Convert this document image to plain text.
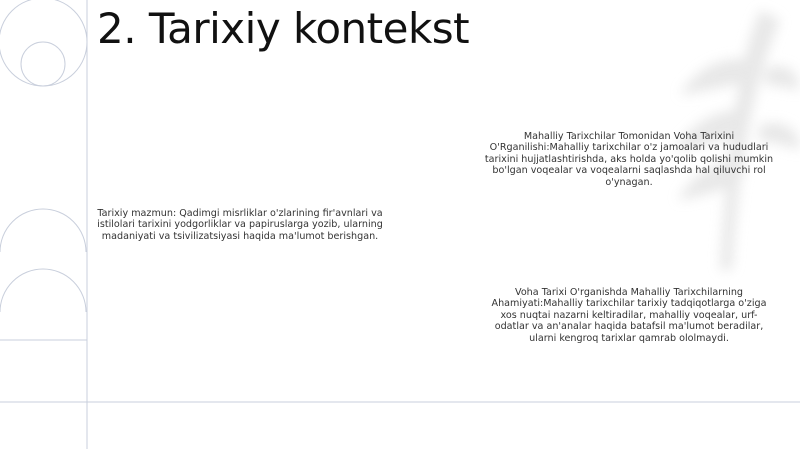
2. Tarixiy kontekst
Tarixiy mazmun: Qadimgi misrliklar o'zlarining fir'avnlari va istilolari tarixini yodgorliklar va papiruslarga yozib, ularning madaniyati va tsivilizatsiyasi haqida ma'lumot berishgan.
Mahalliy Tarixchilar Tomonidan Voha Tarixini O'Rganilishi:Mahalliy tarixchilar o'z jamoalari va hududlari tarixini hujjatlashtirishda, aks holda yo'qolib qolishi mumkin bo'lgan voqealar va voqealarni saqlashda hal qiluvchi rol o'ynagan.
Voha Tarixi O'rganishda Mahalliy Tarixchilarning Ahamiyati:Mahalliy tarixchilar tarixiy tadqiqotlarga o'ziga xos nuqtai nazarni keltiradilar, mahalliy voqealar, urf-odatlar va an'analar haqida batafsil ma'lumot beradilar, ularni kengroq tarixlar qamrab ololmaydi.
